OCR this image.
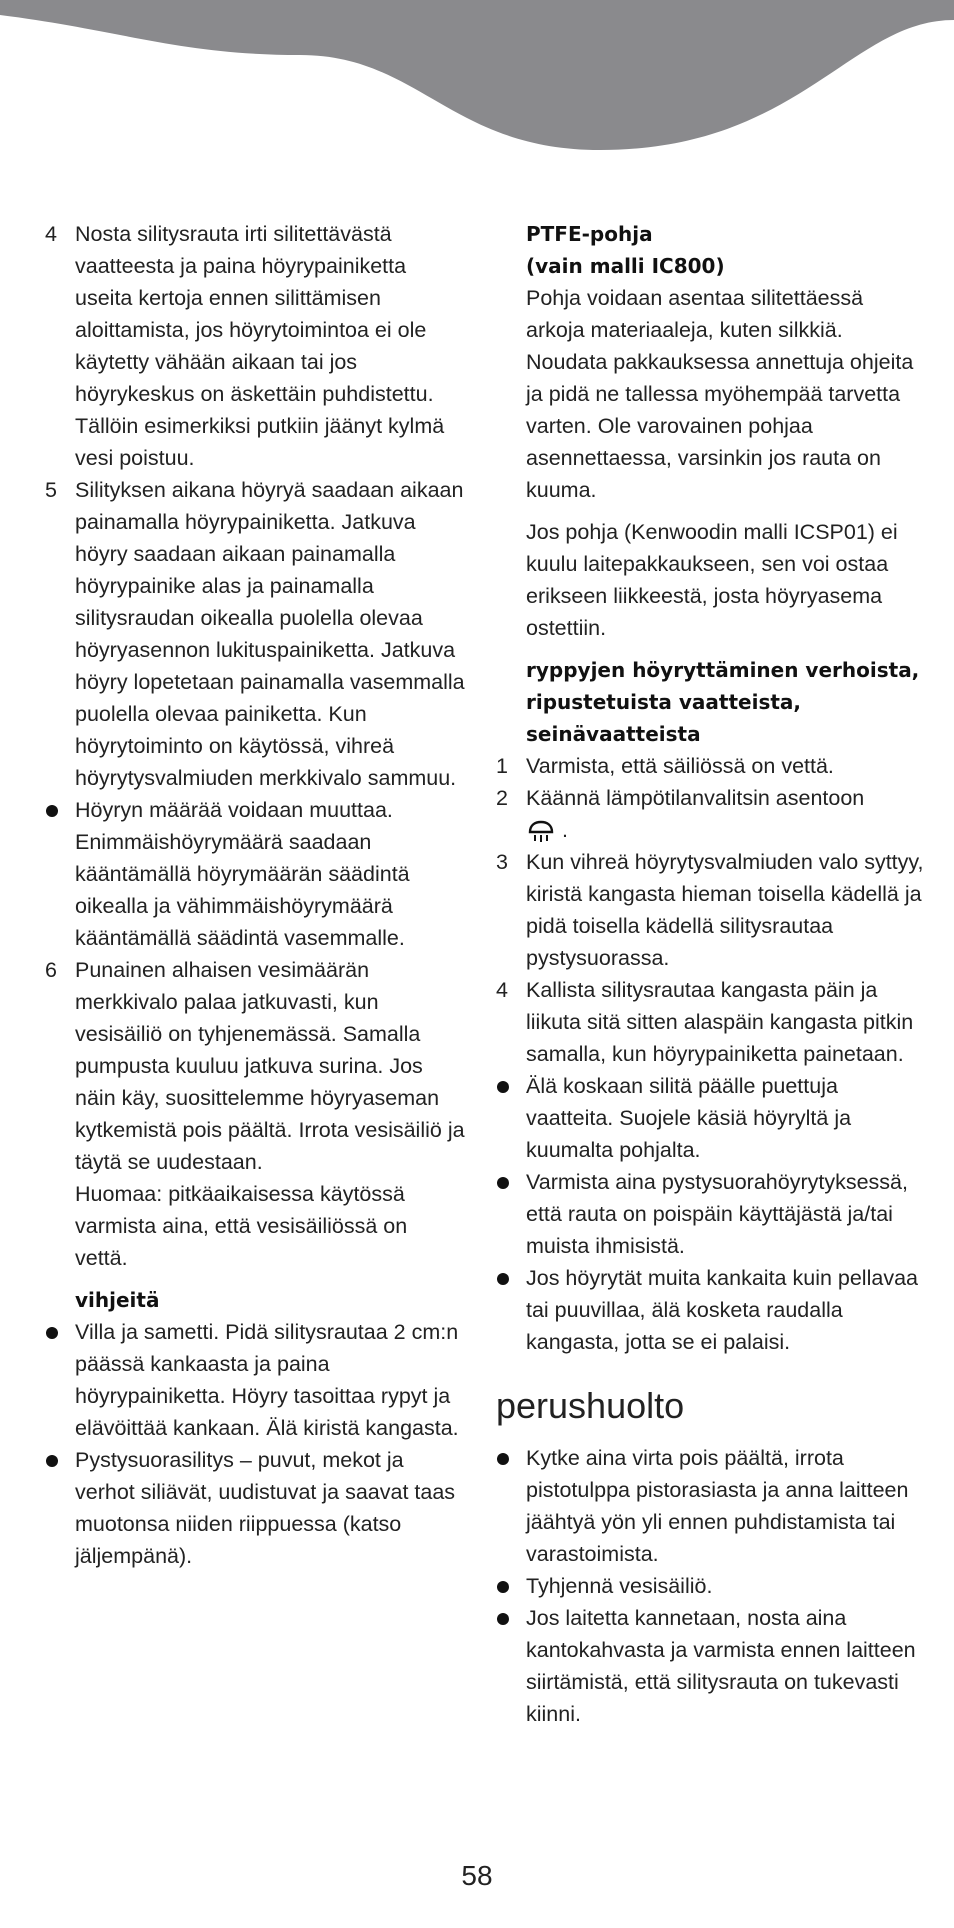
4 Nosta silitysrauta irti silitettävästä vaatteesta ja paina höyrypainiketta useita kertoja ennen silittämisen aloittamista, jos höyrytoimintoa ei ole käytetty vähään aikaan tai jos höyrykeskus on äskettäin puhdistettu. Tällöin esimerkiksi putkiin jäänyt kylmä vesi poistuu.
5 Silityksen aikana höyryä saadaan aikaan painamalla höyrypainiketta. Jatkuva höyry saadaan aikaan painamalla höyrypainike alas ja painamalla silitysraudan oikealla puolella olevaa höyryasennon lukituspainiketta. Jatkuva höyry lopetetaan painamalla vasemmalla puolella olevaa painiketta. Kun höyrytoiminto on käytössä, vihreä höyrytysvalmiuden merkkivalo sammuu.
Höyryn määrää voidaan muuttaa. Enimmäishöyrymäärä saadaan kääntämällä höyrymäärän säädintä oikealla ja vähimmäishöyrymäärä kääntämällä säädintä vasemmalle.
6 Punainen alhaisen vesimäärän merkkivalo palaa jatkuvasti, kun vesisäiliö on tyhjenemässä. Samalla pumpusta kuuluu jatkuva surina. Jos näin käy, suosittelemme höyryaseman kytkemistä pois päältä. Irrota vesisäiliö ja täytä se uudestaan.
Huomaa: pitkäaikaisessa käytössä varmista aina, että vesisäiliössä on vettä.
vihjeitä
Villa ja sametti. Pidä silitysrautaa 2 cm:n päässä kankaasta ja paina höyrypainiketta. Höyry tasoittaa rypyt ja elävöittää kankaan. Älä kiristä kangasta.
Pystysuorasilitys – puvut, mekot ja verhot siliävät, uudistuvat ja saavat taas muotonsa niiden riippuessa (katso jäljempänä).
PTFE-pohja
(vain malli IC800)
Pohja voidaan asentaa silitettäessä arkoja materiaaleja, kuten silkkiä. Noudata pakkauksessa annettuja ohjeita ja pidä ne tallessa myöhempää tarvetta varten. Ole varovainen pohjaa asennettaessa, varsinkin jos rauta on kuuma.
Jos pohja (Kenwoodin malli ICSP01) ei kuulu laitepakkaukseen, sen voi ostaa erikseen liikkeestä, josta höyryasema ostettiin.
ryppyjen höyryttäminen verhoista, ripustetuista vaatteista, seinävaatteista
1 Varmista, että säiliössä on vettä.
2 Käännä lämpötilanvalitsin asentoon
.
3 Kun vihreä höyrytysvalmiuden valo syttyy, kiristä kangasta hieman toisella kädellä ja pidä toisella kädellä silitysrautaa pystysuorassa.
4 Kallista silitysrautaa kangasta päin ja liikuta sitä sitten alaspäin kangasta pitkin samalla, kun höyrypainiketta painetaan.
Älä koskaan silitä päälle puettuja vaatteita. Suojele käsiä höyryltä ja kuumalta pohjalta.
Varmista aina pystysuorahöyrytyksessä, että rauta on poispäin käyttäjästä ja/tai muista ihmisistä.
Jos höyrytät muita kankaita kuin pellavaa tai puuvillaa, älä kosketa raudalla kangasta, jotta se ei palaisi.
perushuolto
Kytke aina virta pois päältä, irrota pistotulppa pistorasiasta ja anna laitteen jäähtyä yön yli ennen puhdistamista tai varastoimista.
Tyhjennä vesisäiliö.
Jos laitetta kannetaan, nosta aina kantokahvasta ja varmista ennen laitteen siirtämistä, että silitysrauta on tukevasti kiinni.
58
